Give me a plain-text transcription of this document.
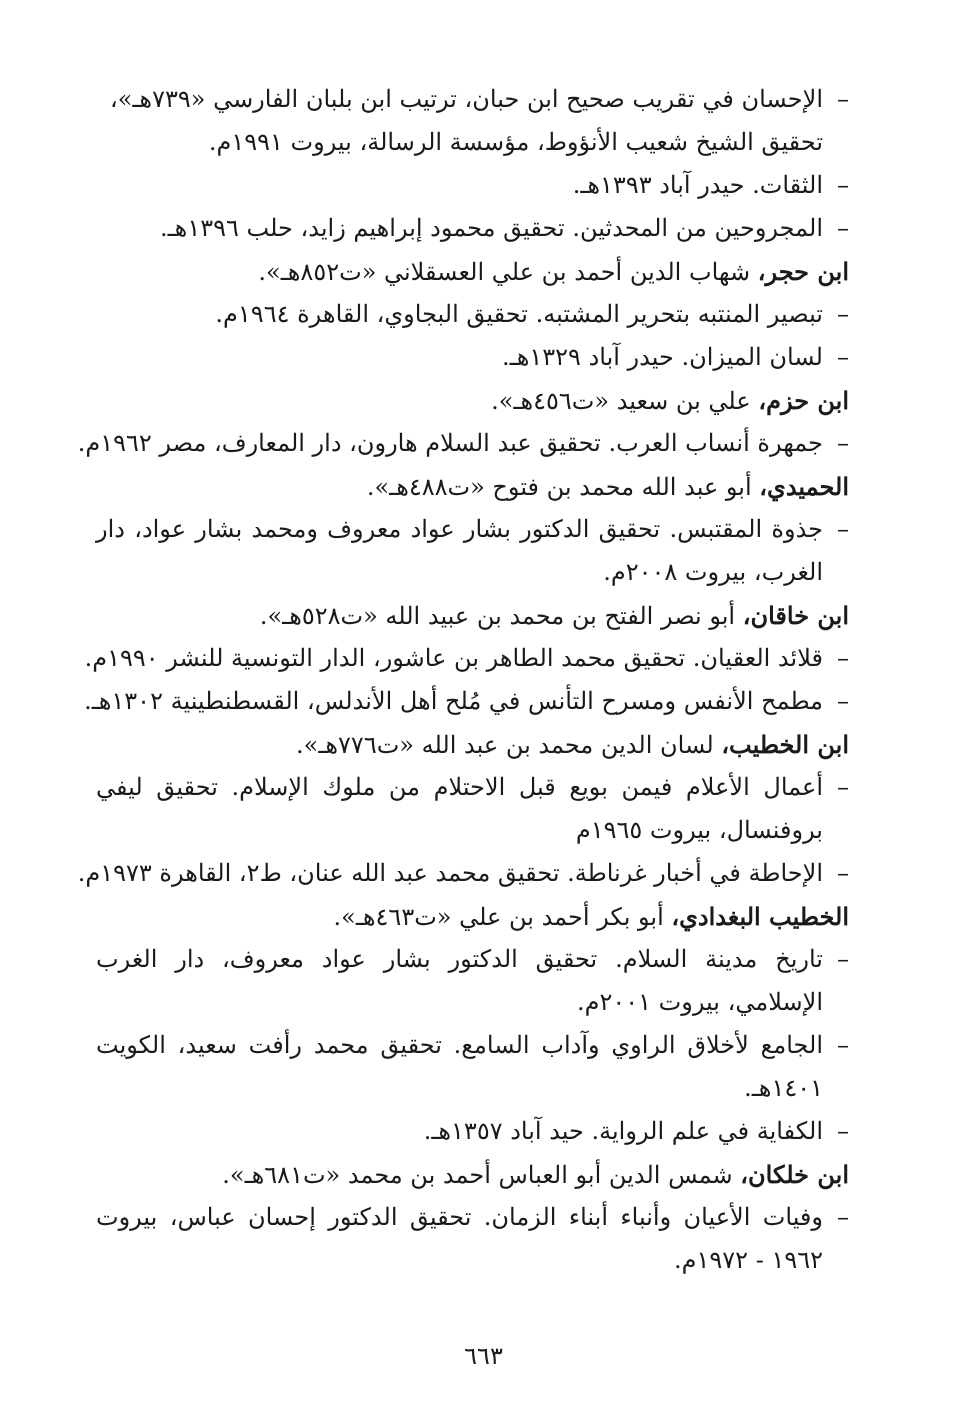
–الإحسان في تقريب صحيح ابن حبان، ترتيب ابن بلبان الفارسي «٧٣٩هـ»،
تحقيق الشيخ شعيب الأنؤوط، مؤسسة الرسالة، بيروت ١٩٩١م.
–الثقات. حيدر آباد ١٣٩٣هـ.
–المجروحين من المحدثين. تحقيق محمود إبراهيم زايد، حلب ١٣٩٦هـ.
ابن حجر، شهاب الدين أحمد بن علي العسقلاني «ت٨٥٢هـ».
–تبصير المنتبه بتحرير المشتبه. تحقيق البجاوي، القاهرة ١٩٦٤م.
–لسان الميزان. حيدر آباد ١٣٢٩هـ.
ابن حزم، علي بن سعيد «ت٤٥٦هـ».
–جمهرة أنساب العرب. تحقيق عبد السلام هارون، دار المعارف، مصر ١٩٦٢م.
الحميدي، أبو عبد الله محمد بن فتوح «ت٤٨٨هـ».
–جذوة المقتبس. تحقيق الدكتور بشار عواد معروف ومحمد بشار عواد، دار
الغرب، بيروت ٢٠٠٨م.
ابن خاقان، أبو نصر الفتح بن محمد بن عبيد الله «ت٥٢٨هـ».
–قلائد العقيان. تحقيق محمد الطاهر بن عاشور، الدار التونسية للنشر ١٩٩٠م.
–مطمح الأنفس ومسرح التأنس في مُلح أهل الأندلس، القسطنطينية ١٣٠٢هـ.
ابن الخطيب، لسان الدين محمد بن عبد الله «ت٧٧٦هـ».
–أعمال الأعلام فيمن بويع قبل الاحتلام من ملوك الإسلام. تحقيق ليفي
بروفنسال، بيروت ١٩٦٥م
–الإحاطة في أخبار غرناطة. تحقيق محمد عبد الله عنان، ط٢، القاهرة ١٩٧٣م.
الخطيب البغدادي، أبو بكر أحمد بن علي «ت٤٦٣هـ».
–تاريخ مدينة السلام. تحقيق الدكتور بشار عواد معروف، دار الغرب
الإسلامي، بيروت ٢٠٠١م.
–الجامع لأخلاق الراوي وآداب السامع. تحقيق محمد رأفت سعيد، الكويت
١٤٠١هـ.
–الكفاية في علم الرواية. حيد آباد ١٣٥٧هـ.
ابن خلكان، شمس الدين أبو العباس أحمد بن محمد «ت٦٨١هـ».
–وفيات الأعيان وأنباء أبناء الزمان. تحقيق الدكتور إحسان عباس، بيروت
١٩٦٢ - ١٩٧٢م.
٦٦٣
